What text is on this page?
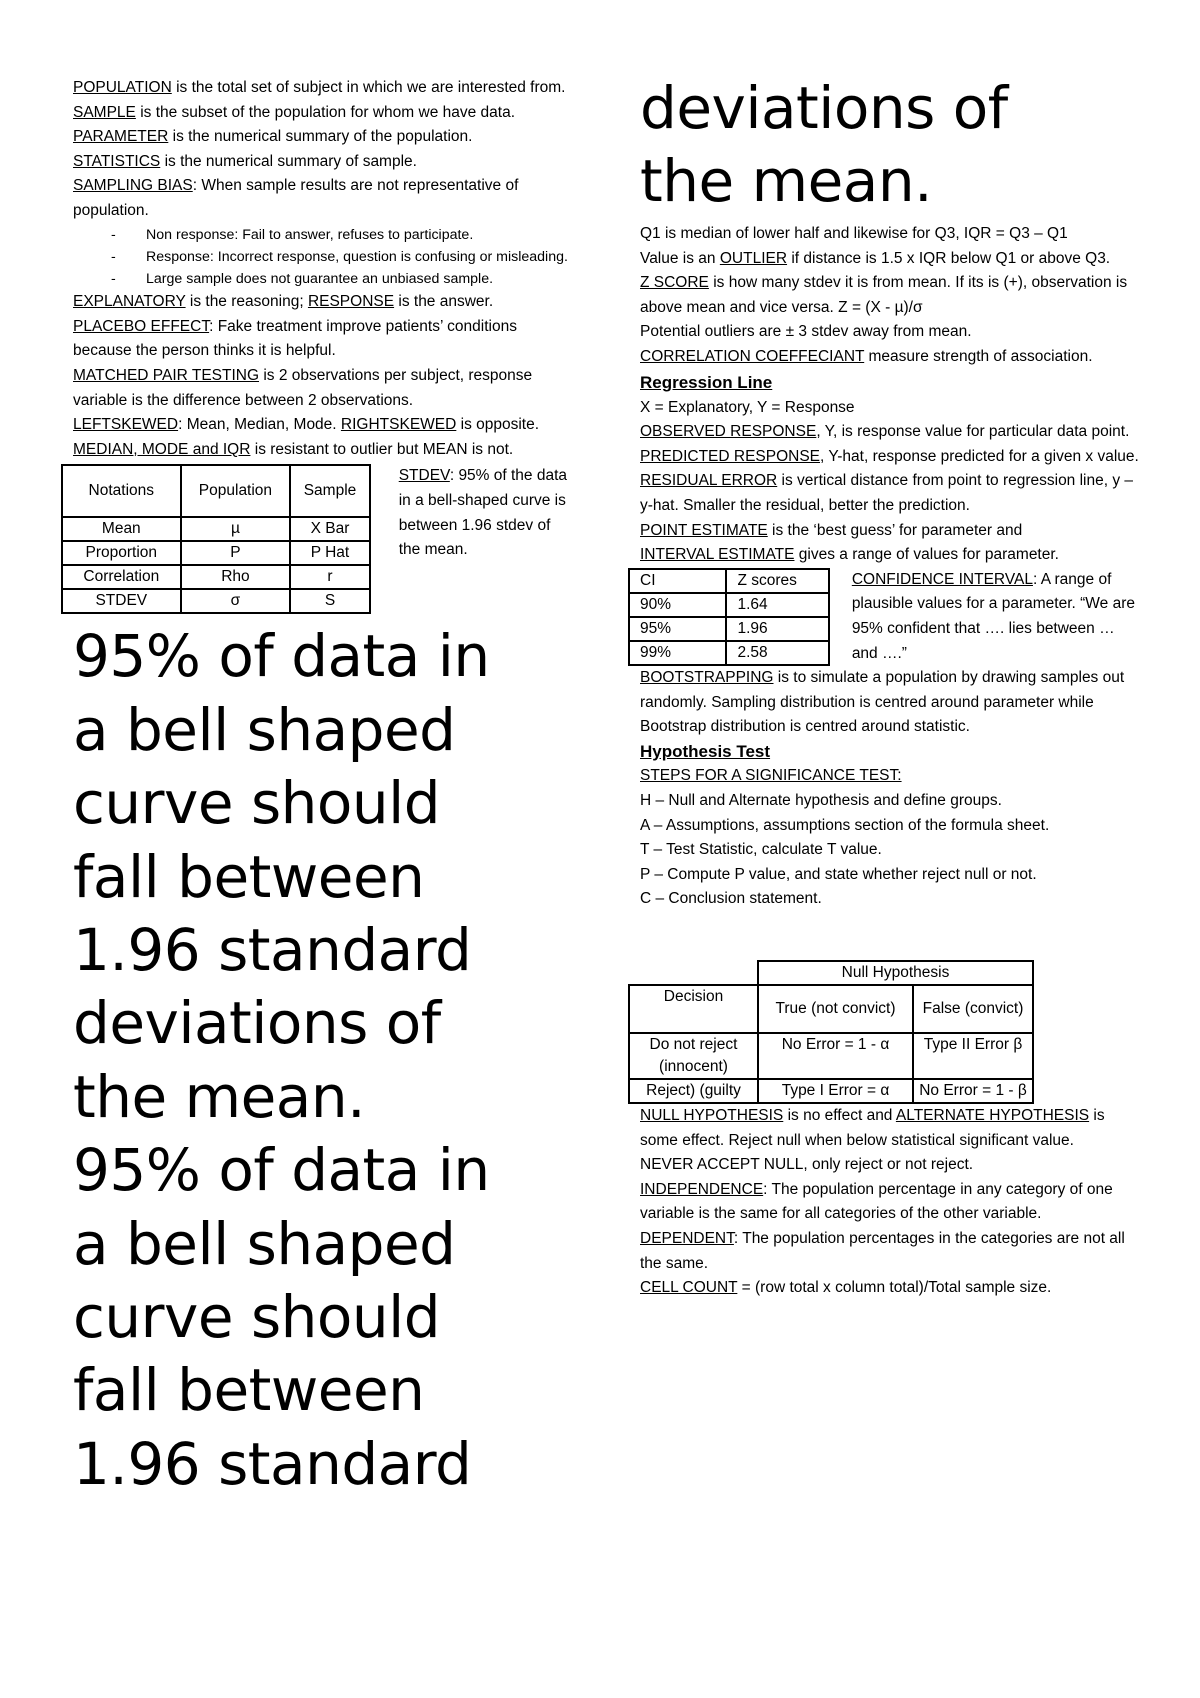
POPULATION is the total set of subject in which we are interested from.

SAMPLE is the subset of the population for whom we have data.

PARAMETER is the numerical summary of the population.

STATISTICS is the numerical summary of sample.

SAMPLING BIAS: When sample results are not representative of population.

- Non response: Fail to answer, refuses to participate.
- Response: Incorrect response, question is confusing or misleading.
- Large sample does not guarantee an unbiased sample.

EXPLANATORY is the reasoning; RESPONSE is the answer.

PLACEBO EFFECT: Fake treatment improve patients’ conditions because the person thinks it is helpful.

MATCHED PAIR TESTING is 2 observations per subject, response variable is the difference between 2 observations.

LEFTSKEWED: Mean, Median, Mode. RIGHTSKEWED is opposite.

MEDIAN, MODE and IQR is resistant to outlier but MEAN is not.

Notations	Population	Sample
Mean	µ	X Bar
Proportion	P	P Hat
Correlation	Rho	r
STDEV	σ	S

STDEV: 95% of the data in a bell-shaped curve is between 1.96 stdev of the mean.

95% of data in

a bell shaped

curve should

fall between

1.96 standard

deviations of

the mean.

95% of data in

a bell shaped

curve should

fall between

1.96 standard

deviations of

the mean.

Q1 is median of lower half and likewise for Q3, IQR = Q3 – Q1

Value is an OUTLIER if distance is 1.5 x IQR below Q1 or above Q3.

Z SCORE is how many stdev it is from mean. If its is (+), observation is above mean and vice versa. Z = (X - µ)/σ

Potential outliers are ± 3 stdev away from mean.

CORRELATION COEFFECIANT measure strength of association.

Regression Line

X = Explanatory, Y = Response

OBSERVED RESPONSE, Y, is response value for particular data point. PREDICTED RESPONSE, Y-hat, response predicted for a given x value.

RESIDUAL ERROR is vertical distance from point to regression line, y – y-hat. Smaller the residual, better the prediction.

POINT ESTIMATE is the ‘best guess’ for parameter and

INTERVAL ESTIMATE gives a range of values for parameter.

CI	Z scores
90%	1.64
95%	1.96
99%	2.58

CONFIDENCE INTERVAL: A range of plausible values for a parameter. “We are 95% confident that …. lies between … and ….”

BOOTSTRAPPING is to simulate a population by drawing samples out randomly. Sampling distribution is centred around parameter while Bootstrap distribution is centred around statistic.

Hypothesis Test

STEPS FOR A SIGNIFICANCE TEST:

H – Null and Alternate hypothesis and define groups.

A – Assumptions, assumptions section of the formula sheet.

T – Test Statistic, calculate T value.

P – Compute P value, and state whether reject null or not.

C – Conclusion statement.

	Null Hypothesis	
Decision	True (not convict)	False (convict)
Do not reject (innocent)	No Error = 1 - α	Type II Error β
Reject) (guilty	Type I Error = α	No Error = 1 - β

NULL HYPOTHESIS is no effect and ALTERNATE HYPOTHESIS is some effect. Reject null when below statistical significant value.

NEVER ACCEPT NULL, only reject or not reject.

INDEPENDENCE: The population percentage in any category of one variable is the same for all categories of the other variable.

DEPENDENT: The population percentages in the categories are not all the same.

CELL COUNT = (row total x column total)/Total sample size.
